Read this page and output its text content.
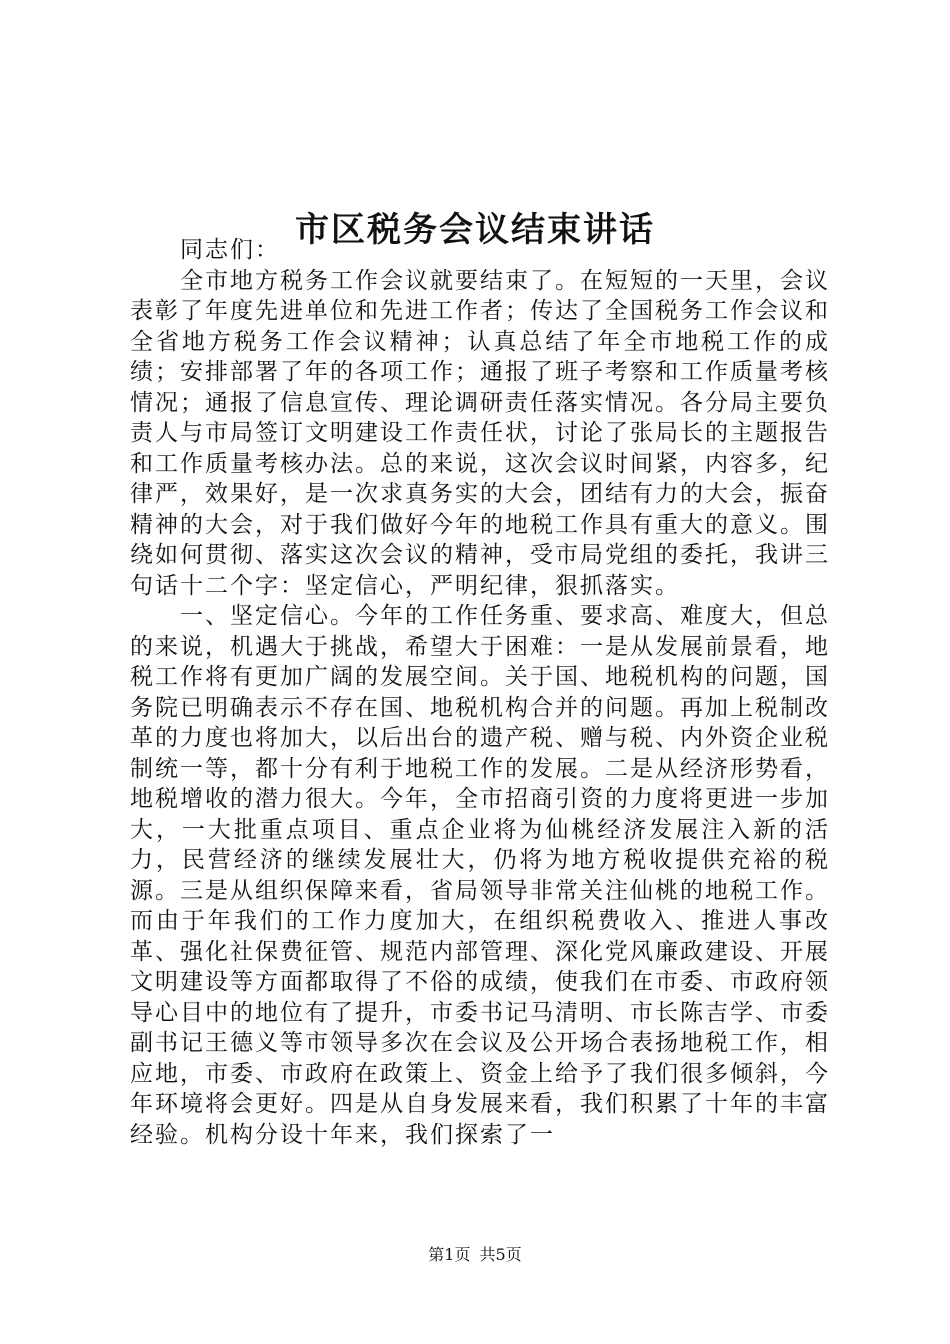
市区税务会议结束讲话

同志们：

全市地方税务工作会议就要结束了。在短短的一天里，会议表彰了年度先进单位和先进工作者；传达了全国税务工作会议和全省地方税务工作会议精神；认真总结了年全市地税工作的成绩；安排部署了年的各项工作；通报了班子考察和工作质量考核情况；通报了信息宣传、理论调研责任落实情况。各分局主要负责人与市局签订文明建设工作责任状，讨论了张局长的主题报告和工作质量考核办法。总的来说，这次会议时间紧，内容多，纪律严，效果好，是一次求真务实的大会，团结有力的大会，振奋精神的大会，对于我们做好今年的地税工作具有重大的意义。围绕如何贯彻、落实这次会议的精神，受市局党组的委托，我讲三句话十二个字：坚定信心，严明纪律，狠抓落实。

一、坚定信心。今年的工作任务重、要求高、难度大，但总的来说，机遇大于挑战，希望大于困难：一是从发展前景看，地税工作将有更加广阔的发展空间。关于国、地税机构的问题，国务院已明确表示不存在国、地税机构合并的问题。再加上税制改革的力度也将加大，以后出台的遗产税、赠与税、内外资企业税制统一等，都十分有利于地税工作的发展。二是从经济形势看，地税增收的潜力很大。今年，全市招商引资的力度将更进一步加大，一大批重点项目、重点企业将为仙桃经济发展注入新的活力，民营经济的继续发展壮大，仍将为地方税收提供充裕的税源。三是从组织保障来看，省局领导非常关注仙桃的地税工作。而由于年我们的工作力度加大，在组织税费收入、推进人事改革、强化社保费征管、规范内部管理、深化党风廉政建设、开展文明建设等方面都取得了不俗的成绩，使我们在市委、市政府领导心目中的地位有了提升，市委书记马清明、市长陈吉学、市委副书记王德义等市领导多次在会议及公开场合表扬地税工作，相应地，市委、市政府在政策上、资金上给予了我们很多倾斜，今年环境将会更好。四是从自身发展来看，我们积累了十年的丰富经验。机构分设十年来，我们探索了一

第1页 共5页
